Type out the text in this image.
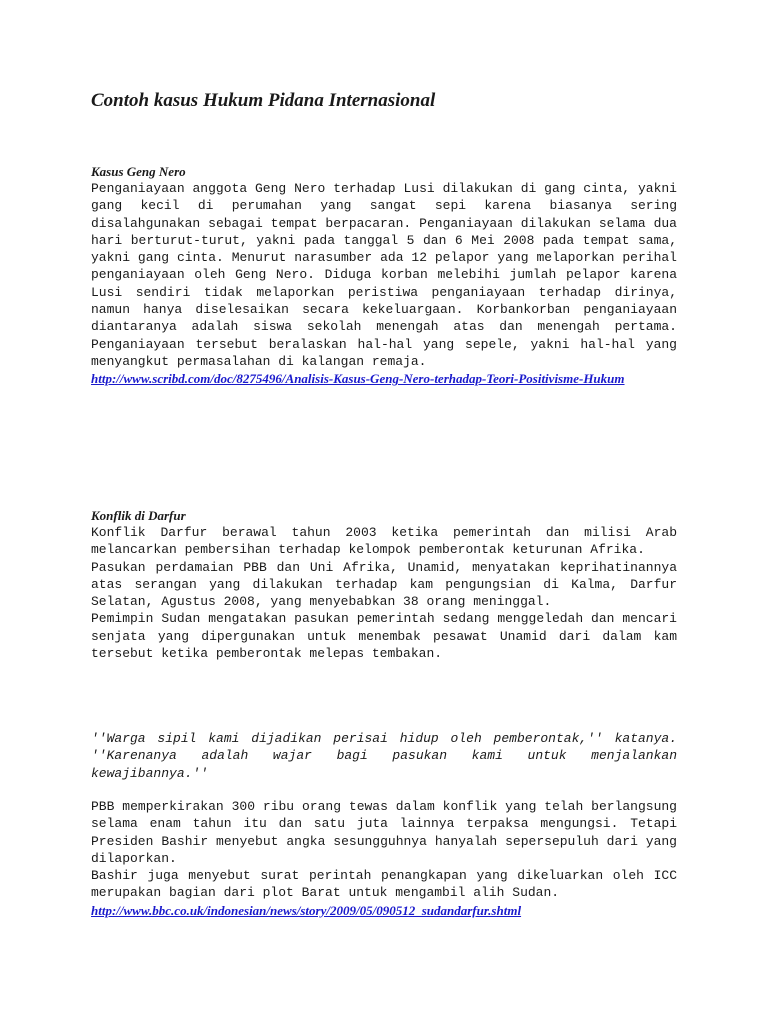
Contoh kasus Hukum Pidana Internasional

Kasus Geng Nero

Penganiayaan anggota Geng Nero terhadap Lusi dilakukan di gang cinta, yakni gang kecil di perumahan yang sangat sepi karena biasanya sering disalahgunakan sebagai tempat berpacaran. Penganiayaan dilakukan selama dua hari berturut-turut, yakni pada tanggal 5 dan 6 Mei 2008 pada tempat sama, yakni gang cinta. Menurut narasumber ada 12 pelapor yang melaporkan perihal penganiayaan oleh Geng Nero. Diduga korban melebihi jumlah pelapor karena Lusi sendiri tidak melaporkan peristiwa penganiayaan terhadap dirinya, namun hanya diselesaikan secara kekeluargaan. Korbankorban penganiayaan diantaranya adalah siswa sekolah menengah atas dan menengah pertama. Penganiayaan tersebut beralaskan hal-hal yang sepele, yakni hal-hal yang menyangkut permasalahan di kalangan remaja.

http://www.scribd.com/doc/8275496/Analisis-Kasus-Geng-Nero-terhadap-Teori-Positivisme-Hukum

Konflik di Darfur

Konflik Darfur berawal tahun 2003 ketika pemerintah dan milisi Arab melancarkan pembersihan terhadap kelompok pemberontak keturunan Afrika.

Pasukan perdamaian PBB dan Uni Afrika, Unamid, menyatakan keprihatinannya atas serangan yang dilakukan terhadap kam pengungsian di Kalma, Darfur Selatan, Agustus 2008, yang menyebabkan 38 orang meninggal.

Pemimpin Sudan mengatakan pasukan pemerintah sedang menggeledah dan mencari senjata yang dipergunakan untuk menembak pesawat Unamid dari dalam kam tersebut ketika pemberontak melepas tembakan.

''Warga sipil kami dijadikan perisai hidup oleh pemberontak,'' katanya. ''Karenanya adalah wajar bagi pasukan kami untuk menjalankan kewajibannya.''

PBB memperkirakan 300 ribu orang tewas dalam konflik yang telah berlangsung selama enam tahun itu dan satu juta lainnya terpaksa mengungsi. Tetapi Presiden Bashir menyebut angka sesungguhnya hanyalah sepersepuluh dari yang dilaporkan.

Bashir juga menyebut surat perintah penangkapan yang dikeluarkan oleh ICC merupakan bagian dari plot Barat untuk mengambil alih Sudan.

http://www.bbc.co.uk/indonesian/news/story/2009/05/090512_sudandarfur.shtml
